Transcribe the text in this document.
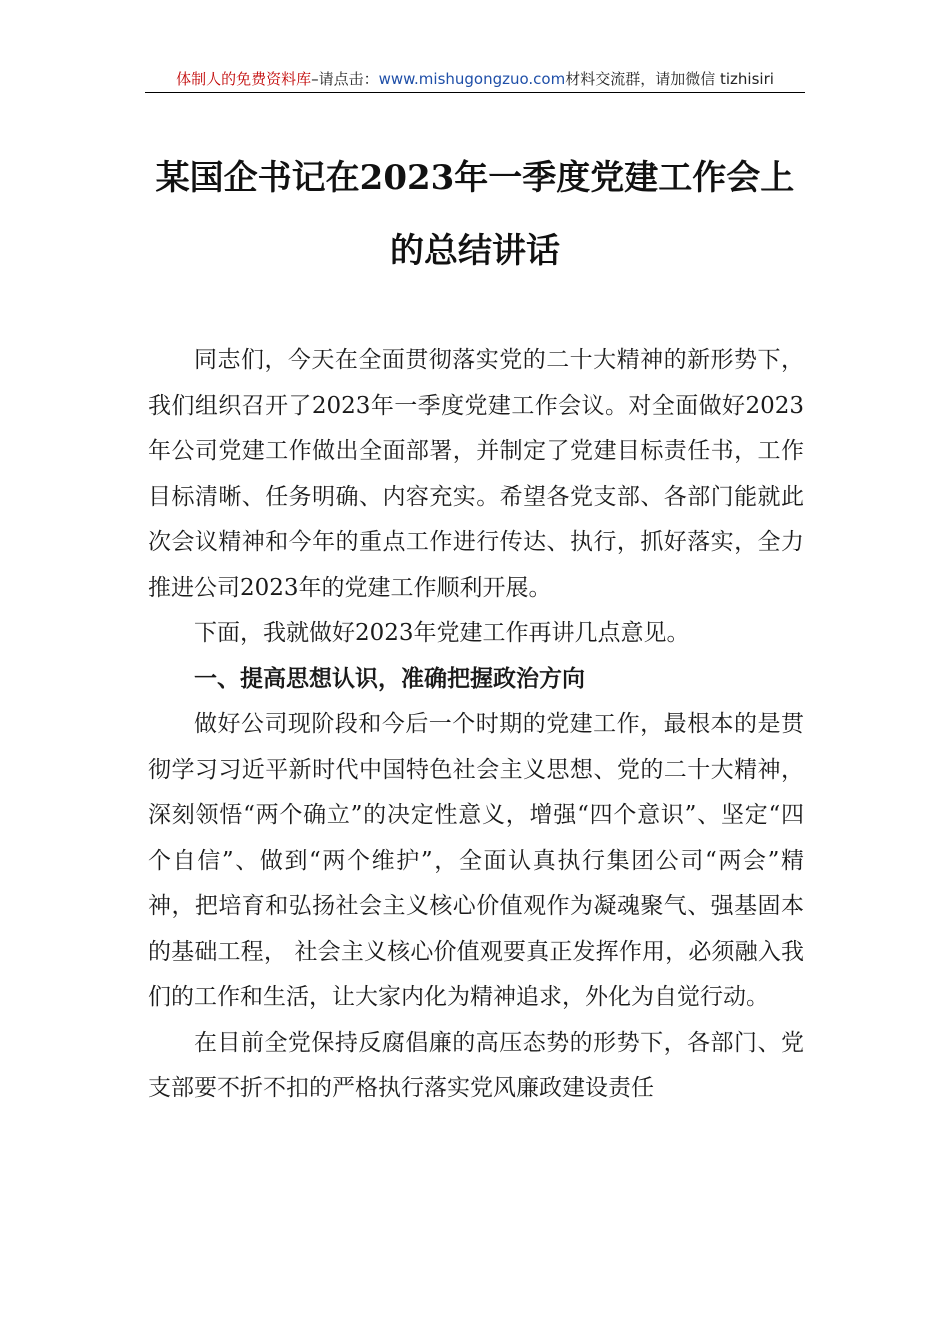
体制人的免费资料库–请点击：www.mishugongzuo.com材料交流群，请加微信 tizhisiri
某国企书记在2023年一季度党建工作会上
的总结讲话

同志们，今天在全面贯彻落实党的二十大精神的新形势下，我们组织召开了2023年一季度党建工作会议。对全面做好2023年公司党建工作做出全面部署，并制定了党建目标责任书，工作目标清晰、任务明确、内容充实。希望各党支部、各部门能就此次会议精神和今年的重点工作进行传达、执行，抓好落实，全力推进公司2023年的党建工作顺利开展。

下面，我就做好2023年党建工作再讲几点意见。

一、提高思想认识，准确把握政治方向

做好公司现阶段和今后一个时期的党建工作，最根本的是贯彻学习习近平新时代中国特色社会主义思想、党的二十大精神，深刻领悟“两个确立”的决定性意义，增强“四个意识”、坚定“四个自信”、做到“两个维护”，全面认真执行集团公司“两会”精神，把培育和弘扬社会主义核心价值观作为凝魂聚气、强基固本的基础工程， 社会主义核心价值观要真正发挥作用，必须融入我们的工作和生活，让大家内化为精神追求，外化为自觉行动。

在目前全党保持反腐倡廉的高压态势的形势下，各部门、党支部要不折不扣的严格执行落实党风廉政建设责任
